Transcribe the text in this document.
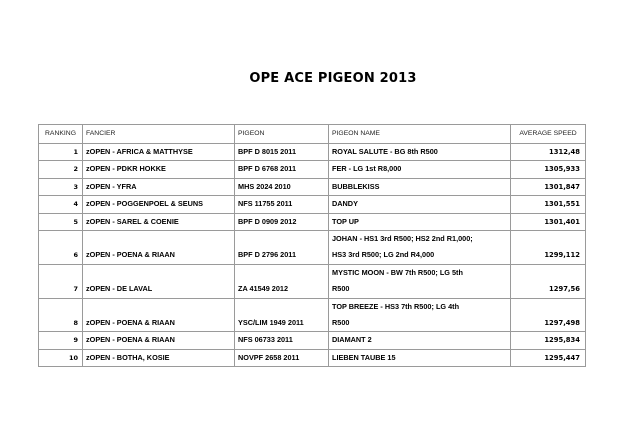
OPE ACE PIGEON 2013
RANKING	FANCIER	PIGEON	PIGEON NAME	AVERAGE SPEED
1	zOPEN - AFRICA & MATTHYSE	BPF D 8015 2011	ROYAL SALUTE - BG 8th R500	1312,48
2	zOPEN - PDKR HOKKE	BPF D 6768 2011	FER - LG 1st R8,000	1305,933
3	zOPEN - YFRA	MHS 2024 2010	BUBBLEKISS	1301,847
4	zOPEN - POGGENPOEL & SEUNS	NFS 11755 2011	DANDY	1301,551
5	zOPEN - SAREL & COENIE	BPF D 0909 2012	TOP UP	1301,401
6	zOPEN - POENA & RIAAN	BPF D 2796 2011	JOHAN - HS1 3rd R500; HS2 2nd R1,000;
HS3 3rd R500; LG 2nd R4,000	1299,112
7	zOPEN - DE LAVAL	ZA 41549 2012	MYSTIC MOON - BW 7th R500; LG 5th
R500	1297,56
8	zOPEN - POENA & RIAAN	YSC/LIM 1949 2011	TOP BREEZE - HS3 7th R500; LG 4th
R500	1297,498
9	zOPEN - POENA & RIAAN	NFS 06733 2011	DIAMANT 2	1295,834
10	zOPEN - BOTHA, KOSIE	NOVPF 2658 2011	LIEBEN TAUBE 15	1295,447
